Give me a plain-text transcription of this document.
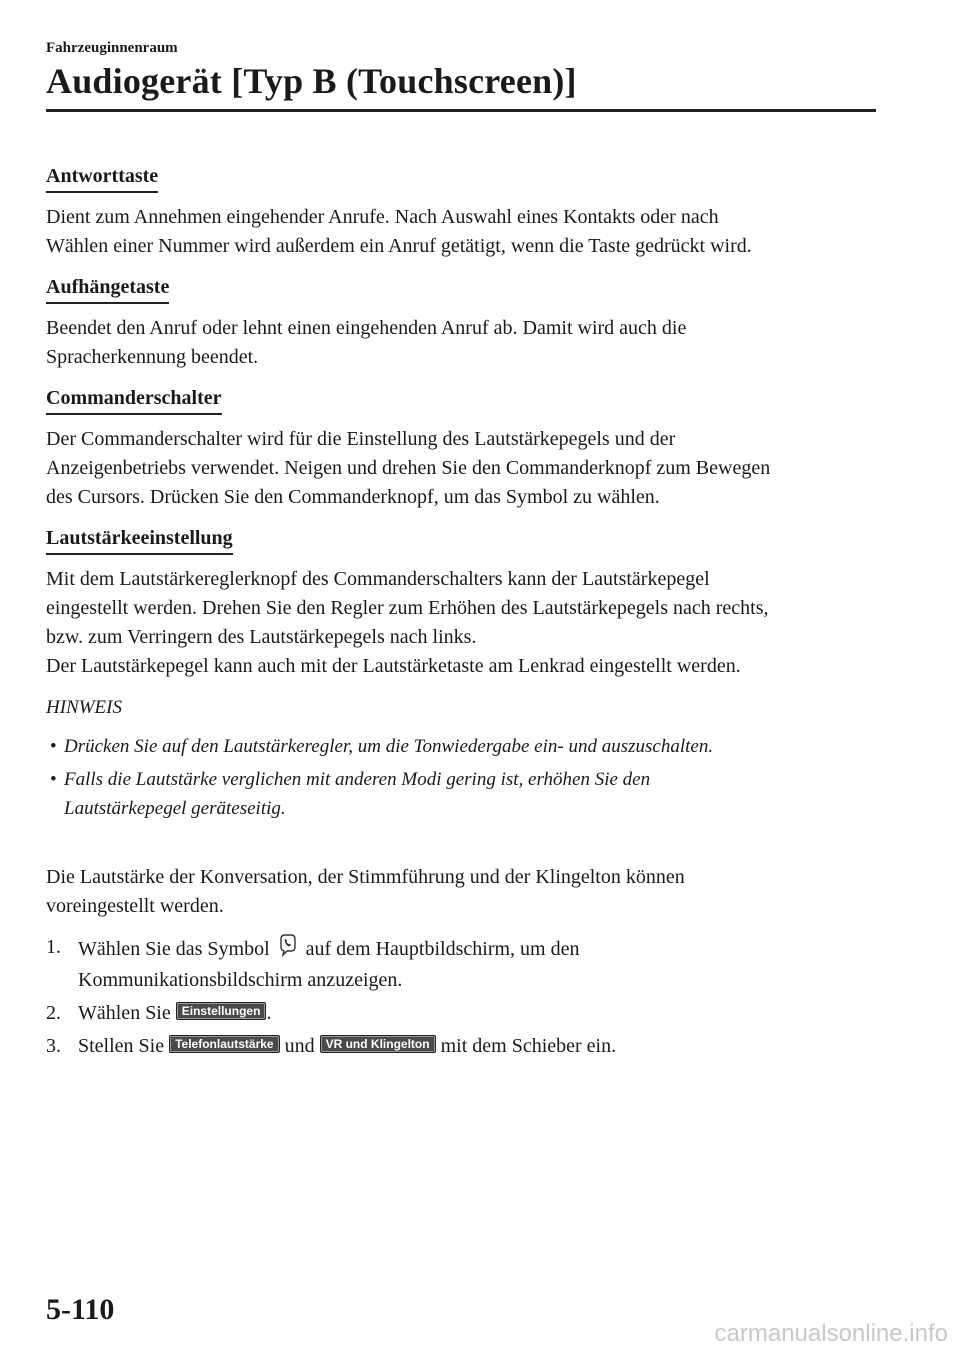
Fahrzeuginnenraum
Audiogerät [Typ B (Touchscreen)]
Antworttaste

Dient zum Annehmen eingehender Anrufe. Nach Auswahl eines Kontakts oder nach
Wählen einer Nummer wird außerdem ein Anruf getätigt, wenn die Taste gedrückt wird.

Aufhängetaste

Beendet den Anruf oder lehnt einen eingehenden Anruf ab. Damit wird auch die
Spracherkennung beendet.

Commanderschalter

Der Commanderschalter wird für die Einstellung des Lautstärkepegels und der
Anzeigenbetriebs verwendet. Neigen und drehen Sie den Commanderknopf zum Bewegen
des Cursors. Drücken Sie den Commanderknopf, um das Symbol zu wählen.

Lautstärkeeinstellung

Mit dem Lautstärkereglerknopf des Commanderschalters kann der Lautstärkepegel
eingestellt werden. Drehen Sie den Regler zum Erhöhen des Lautstärkepegels nach rechts,
bzw. zum Verringern des Lautstärkepegels nach links.
Der Lautstärkepegel kann auch mit der Lautstärketaste am Lenkrad eingestellt werden.

HINWEIS
• Drücken Sie auf den Lautstärkeregler, um die Tonwiedergabe ein- und auszuschalten.
• Falls die Lautstärke verglichen mit anderen Modi gering ist, erhöhen Sie den
Lautstärkepegel geräteseitig.

Die Lautstärke der Konversation, der Stimmführung und der Klingelton können
voreingestellt werden.

1. Wählen Sie das Symbol auf dem Hauptbildschirm, um den
Kommunikationsbildschirm anzuzeigen.
2. Wählen Sie Einstellungen .
3. Stellen Sie Telefonlautstärke und VR und Klingelton mit dem Schieber ein.
5-110
carmanualsonline.info
